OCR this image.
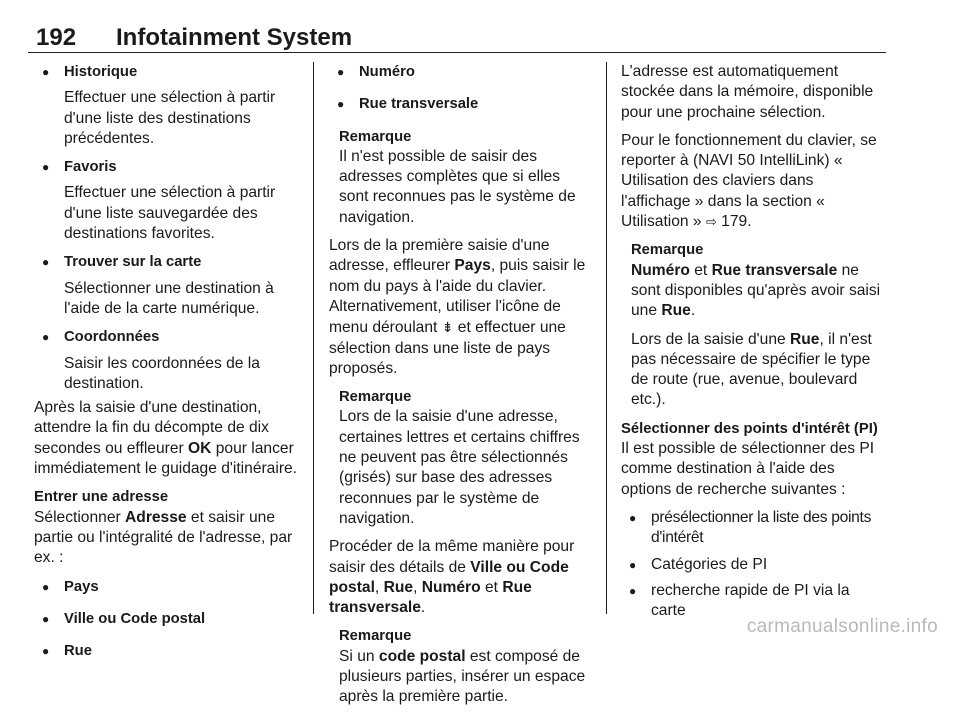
192 Infotainment System
● Historique
Effectuer une sélection à partir d'une liste des destinations précédentes.
● Favoris
Effectuer une sélection à partir d'une liste sauvegardée des destinations favorites.
● Trouver sur la carte
Sélectionner une destination à l'aide de la carte numérique.
● Coordonnées
Saisir les coordonnées de la destination.

Après la saisie d'une destination, attendre la fin du décompte de dix secondes ou effleurer OK pour lancer immédiatement le guidage d'itinéraire.

Entrer une adresse

Sélectionner Adresse et saisir une partie ou l'intégralité de l'adresse, par ex. :

● Pays
● Ville ou Code postal
● Rue
● Numéro
● Rue transversale
Remarque
Il n'est possible de saisir des adresses complètes que si elles sont reconnues pas le système de navigation.

Lors de la première saisie d'une adresse, effleurer Pays, puis saisir le nom du pays à l'aide du clavier. Alternativement, utiliser l'icône de menu déroulant ⇟ et effectuer une sélection dans une liste de pays proposés.

Remarque
Lors de la saisie d'une adresse, certaines lettres et certains chiffres ne peuvent pas être sélectionnés (grisés) sur base des adresses reconnues par le système de navigation.

Procéder de la même manière pour saisir des détails de Ville ou Code postal, Rue, Numéro et Rue transversale.

Remarque
Si un code postal est composé de plusieurs parties, insérer un espace après la première partie.

L'adresse est automatiquement stockée dans la mémoire, disponible pour une prochaine sélection.

Pour le fonctionnement du clavier, se reporter à (NAVI 50 IntelliLink) « Utilisation des claviers dans l'affichage » dans la section « Utilisation » ⇨ 179.

Remarque
Numéro et Rue transversale ne sont disponibles qu'après avoir saisi une Rue.

Lors de la saisie d'une Rue, il n'est pas nécessaire de spécifier le type de route (rue, avenue, boulevard etc.).

Sélectionner des points d'intérêt (PI)

Il est possible de sélectionner des PI comme destination à l'aide des options de recherche suivantes :

● présélectionner la liste des points d'intérêt
● Catégories de PI
● recherche rapide de PI via la carte
carmanualsonline.info
